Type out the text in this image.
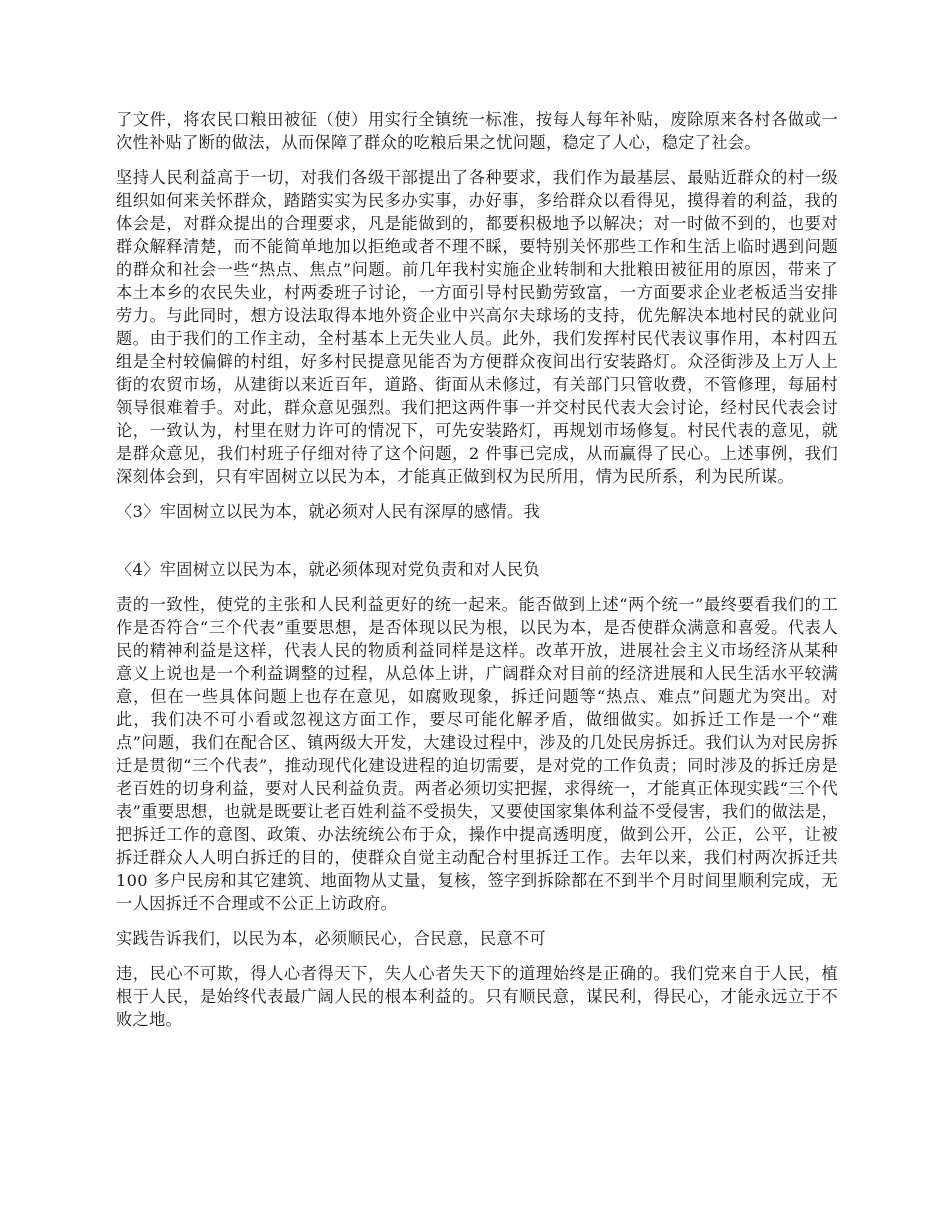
了文件，将农民口粮田被征（使）用实行全镇统一标准，按每人每年补贴，废除原来各村各做或一次性补贴了断的做法，从而保障了群众的吃粮后果之忧问题，稳定了人心，稳定了社会。

坚持人民利益高于一切，对我们各级干部提出了各种要求，我们作为最基层、最贴近群众的村一级组织如何来关怀群众，踏踏实实为民多办实事，办好事，多给群众以看得见，摸得着的利益，我的体会是，对群众提出的合理要求，凡是能做到的，都要积极地予以解决；对一时做不到的，也要对群众解释清楚，而不能简单地加以拒绝或者不理不睬，要特别关怀那些工作和生活上临时遇到问题的群众和社会一些“热点、焦点”问题。前几年我村实施企业转制和大批粮田被征用的原因，带来了本土本乡的农民失业，村两委班子讨论，一方面引导村民勤劳致富，一方面要求企业老板适当安排劳力。与此同时，想方设法取得本地外资企业中兴高尔夫球场的支持，优先解决本地村民的就业问题。由于我们的工作主动，全村基本上无失业人员。此外，我们发挥村民代表议事作用，本村四五组是全村较偏僻的村组，好多村民提意见能否为方便群众夜间出行安装路灯。众泾街涉及上万人上街的农贸市场，从建街以来近百年，道路、街面从未修过，有关部门只管收费，不管修理，每届村领导很难着手。对此，群众意见强烈。我们把这两件事一并交村民代表大会讨论，经村民代表会讨论，一致认为，村里在财力许可的情况下，可先安装路灯，再规划市场修复。村民代表的意见，就是群众意见，我们村班子仔细对待了这个问题，2 件事已完成，从而赢得了民心。上述事例，我们深刻体会到，只有牢固树立以民为本，才能真正做到权为民所用，情为民所系，利为民所谋。

〈3〉牢固树立以民为本，就必须对人民有深厚的感情。我

〈4〉牢固树立以民为本，就必须体现对党负责和对人民负

责的一致性，使党的主张和人民利益更好的统一起来。能否做到上述“两个统一”最终要看我们的工作是否符合“三个代表”重要思想，是否体现以民为根，以民为本，是否使群众满意和喜爱。代表人民的精神利益是这样，代表人民的物质利益同样是这样。改革开放，进展社会主义市场经济从某种意义上说也是一个利益调整的过程，从总体上讲，广阔群众对目前的经济进展和人民生活水平较满意，但在一些具体问题上也存在意见，如腐败现象，拆迁问题等“热点、难点”问题尤为突出。对此，我们决不可小看或忽视这方面工作，要尽可能化解矛盾，做细做实。如拆迁工作是一个“难点”问题，我们在配合区、镇两级大开发，大建设过程中，涉及的几处民房拆迁。我们认为对民房拆迁是贯彻“三个代表”，推动现代化建设进程的迫切需要，是对党的工作负责；同时涉及的拆迁房是老百姓的切身利益，要对人民利益负责。两者必须切实把握，求得统一，才能真正体现实践“三个代表”重要思想，也就是既要让老百姓利益不受损失，又要使国家集体利益不受侵害，我们的做法是，把拆迁工作的意图、政策、办法统统公布于众，操作中提高透明度，做到公开，公正，公平，让被拆迁群众人人明白拆迁的目的，使群众自觉主动配合村里拆迁工作。去年以来，我们村两次拆迁共 100 多户民房和其它建筑、地面物从丈量，复核，签字到拆除都在不到半个月时间里顺利完成，无一人因拆迁不合理或不公正上访政府。

实践告诉我们，以民为本，必须顺民心，合民意，民意不可

违，民心不可欺，得人心者得天下，失人心者失天下的道理始终是正确的。我们党来自于人民，植根于人民，是始终代表最广阔人民的根本利益的。只有顺民意，谋民利，得民心，才能永远立于不败之地。
